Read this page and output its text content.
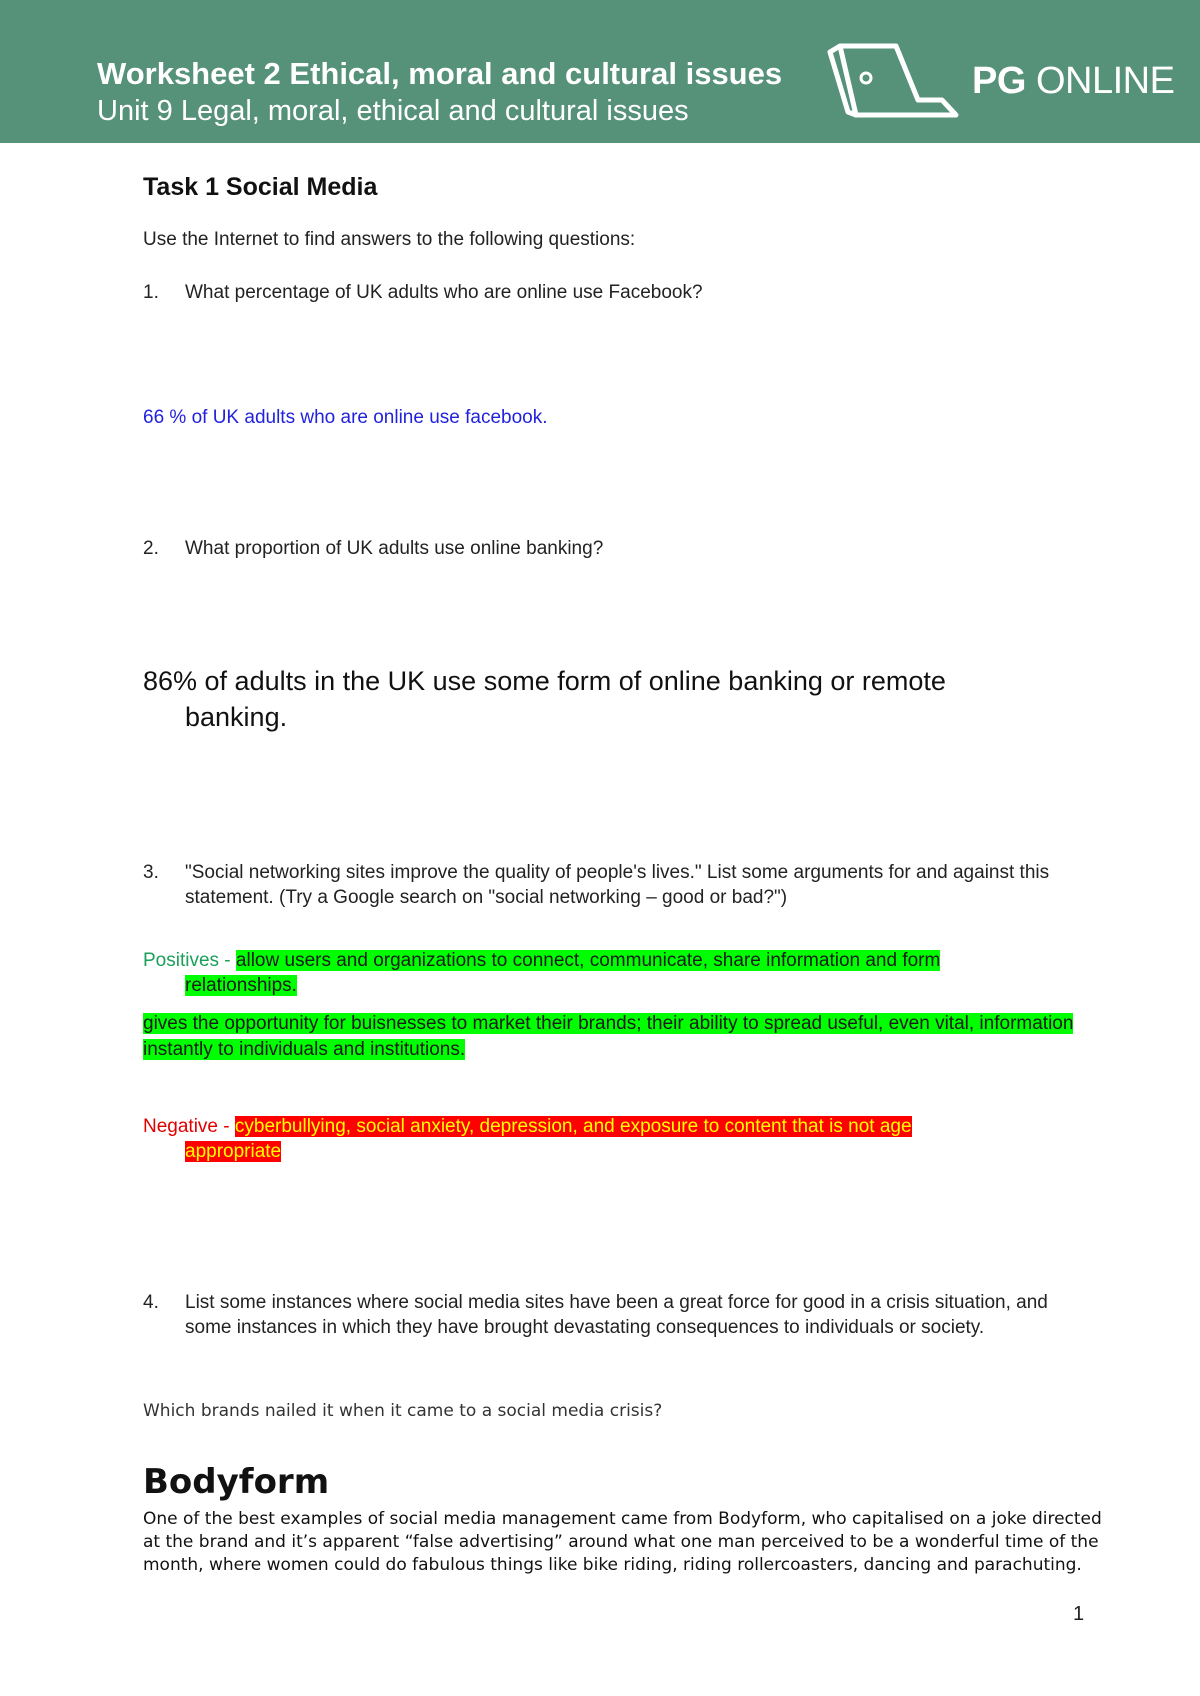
Worksheet 2 Ethical, moral and cultural issues
Unit 9 Legal, moral, ethical and cultural issues
PG ONLINE
Task 1 Social Media
Use the Internet to find answers to the following questions:
1. What percentage of UK adults who are online use Facebook?
66 % of UK adults who are online use facebook.
2. What proportion of UK adults use online banking?
86% of adults in the UK use some form of online banking or remote
banking.
3. "Social networking sites improve the quality of people's lives." List some arguments for and against this statement. (Try a Google search on "social networking – good or bad?")
Positives - allow users and organizations to connect, communicate, share information and form
relationships.
gives the opportunity for buisnesses to market their brands; their ability to spread useful, even vital, information instantly to individuals and institutions.
Negative - cyberbullying, social anxiety, depression, and exposure to content that is not age
appropriate
4. List some instances where social media sites have been a great force for good in a crisis situation, and some instances in which they have brought devastating consequences to individuals or society.
Which brands nailed it when it came to a social media crisis?
Bodyform
One of the best examples of social media management came from Bodyform, who capitalised on a joke directed at the brand and it’s apparent “false advertising” around what one man perceived to be a wonderful time of the month, where women could do fabulous things like bike riding, riding rollercoasters, dancing and parachuting.
1
